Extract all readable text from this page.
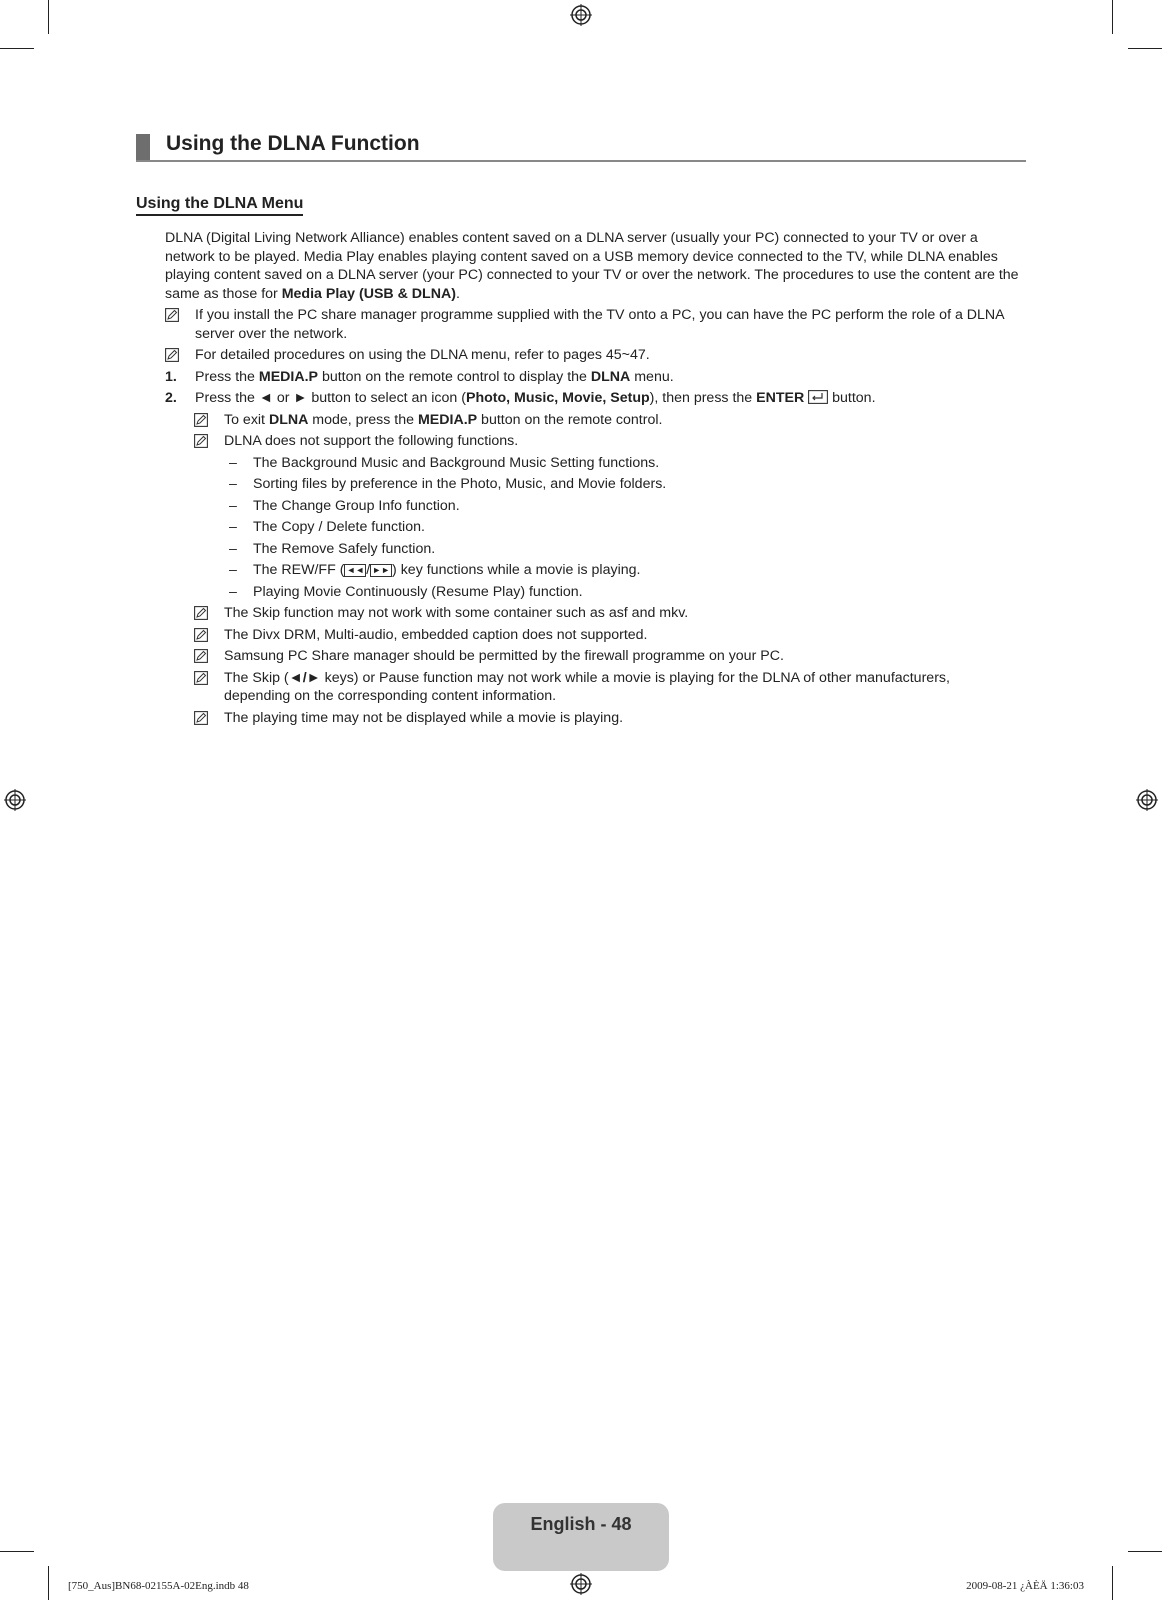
Using the DLNA Function
Using the DLNA Menu

DLNA (Digital Living Network Alliance) enables content saved on a DLNA server (usually your PC) connected to your TV or over a network to be played. Media Play enables playing content saved on a USB memory device connected to the TV, while DLNA enables playing content saved on a DLNA server (your PC) connected to your TV or over the network. The procedures to use the content are the same as those for Media Play (USB & DLNA).

If you install the PC share manager programme supplied with the TV onto a PC, you can have the PC perform the role of a DLNA server over the network.
For detailed procedures on using the DLNA menu, refer to pages 45~47.
1. Press the MEDIA.P button on the remote control to display the DLNA menu.
2. Press the ◄ or ► button to select an icon (Photo, Music, Movie, Setup), then press the ENTER  button.
To exit DLNA mode, press the MEDIA.P button on the remote control.
DLNA does not support the following functions.
– The Background Music and Background Music Setting functions.
– Sorting files by preference in the Photo, Music, and Movie folders.
– The Change Group Info function.
– The Copy / Delete function.
– The Remove Safely function.
– The REW/FF ( ◄◄ / ►► ) key functions while a movie is playing.
– Playing Movie Continuously (Resume Play) function.
The Skip function may not work with some container such as asf and mkv.
The Divx DRM, Multi-audio, embedded caption does not supported.
Samsung PC Share manager should be permitted by the firewall programme on your PC.
The Skip (◄/► keys) or Pause function may not work while a movie is playing for the DLNA of other manufacturers, depending on the corresponding content information.
The playing time may not be displayed while a movie is playing.
English - 48
[750_Aus]BN68-02155A-02Eng.indb 48	2009-08-21 ¿ÀÈÄ 1:36:03
